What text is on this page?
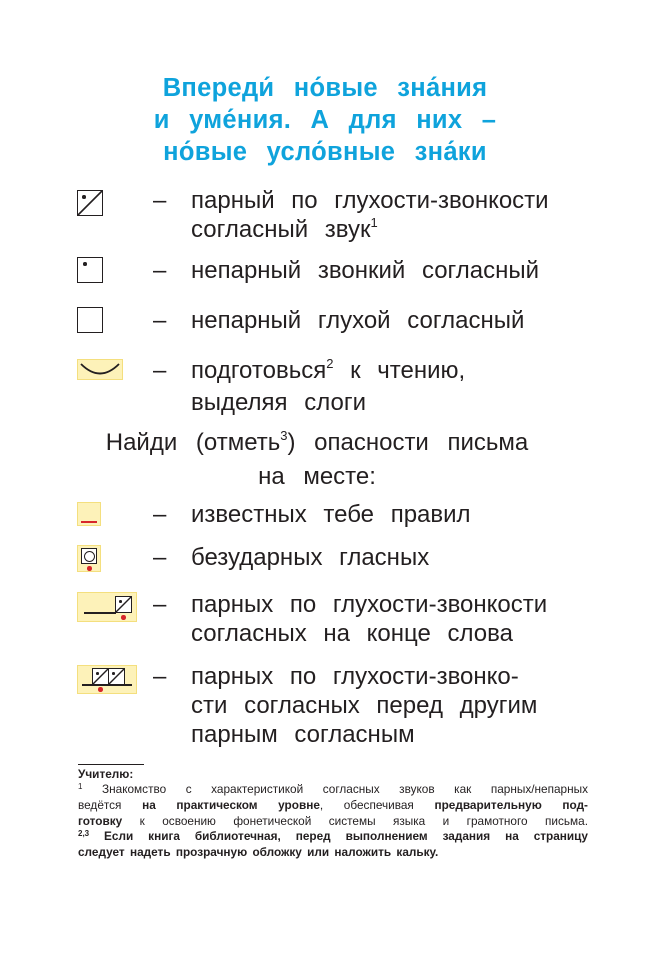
Впереди́ но́вые зна́ния
и уме́ния. А для них –
но́вые усло́вные зна́ки
– парный по глухости-звонкости
согласный звук$^1$
– непарный звонкий согласный
– непарный глухой согласный
– подготовься$^2$ к чтению,
выделяя слоги
Найди (отметь$^3$) опасности письма
на месте:
– известных тебе правил
– безударных гласных
– парных по глухости-звонкости
согласных на конце слова
– парных по глухости-звонко-
сти согласных перед другим
парным согласным
Учителю:
$^1$ Знакомство с характеристикой согласных звуков как парных/непарных
ведётся на практическом уровне, обеспечивая предварительную под-
готовку к освоению фонетической системы языка и грамотного письма.
$^{2,3}$ Если книга библиотечная, перед выполнением задания на страницу
следует надеть прозрачную обложку или наложить кальку.
